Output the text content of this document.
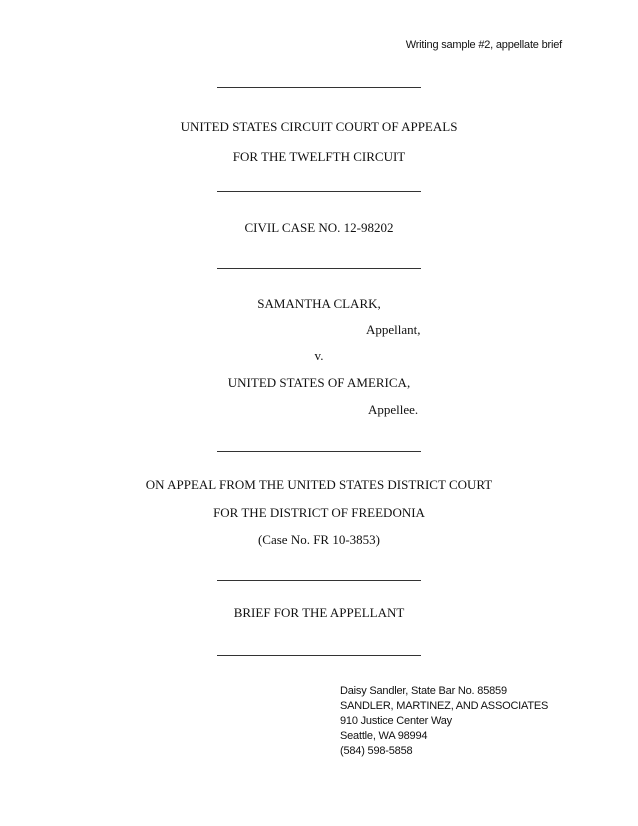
Writing sample #2, appellate brief
UNITED STATES CIRCUIT COURT OF APPEALS
FOR THE TWELFTH CIRCUIT
CIVIL CASE NO. 12-98202
SAMANTHA CLARK,
Appellant,
v.
UNITED STATES OF AMERICA,
Appellee.
ON APPEAL FROM THE UNITED STATES DISTRICT COURT
FOR THE DISTRICT OF FREEDONIA
(Case No. FR 10-3853)
BRIEF FOR THE APPELLANT
Daisy Sandler, State Bar No. 85859
SANDLER, MARTINEZ, AND ASSOCIATES
910 Justice Center Way
Seattle, WA 98994
(584) 598-5858
